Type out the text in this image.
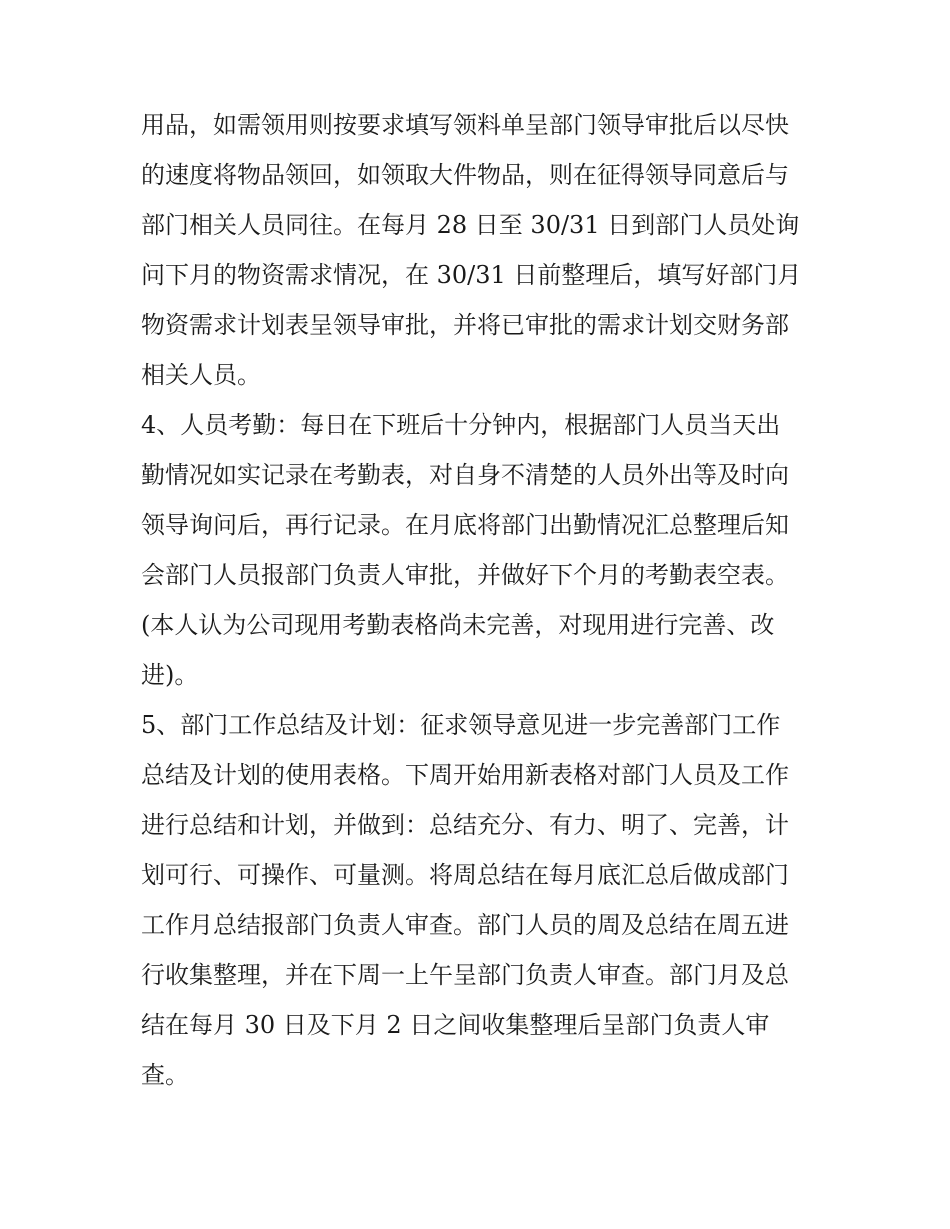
用品，如需领用则按要求填写领料单呈部门领导审批后以尽快
的速度将物品领回，如领取大件物品，则在征得领导同意后与
部门相关人员同往。在每月 28 日至 30/31 日到部门人员处询
问下月的物资需求情况，在 30/31 日前整理后，填写好部门月
物资需求计划表呈领导审批，并将已审批的需求计划交财务部
相关人员。
4、人员考勤：每日在下班后十分钟内，根据部门人员当天出
勤情况如实记录在考勤表，对自身不清楚的人员外出等及时向
领导询问后，再行记录。在月底将部门出勤情况汇总整理后知
会部门人员报部门负责人审批，并做好下个月的考勤表空表。
(本人认为公司现用考勤表格尚未完善，对现用进行完善、改
进)。
5、部门工作总结及计划：征求领导意见进一步完善部门工作
总结及计划的使用表格。下周开始用新表格对部门人员及工作
进行总结和计划，并做到：总结充分、有力、明了、完善，计
划可行、可操作、可量测。将周总结在每月底汇总后做成部门
工作月总结报部门负责人审查。部门人员的周及总结在周五进
行收集整理，并在下周一上午呈部门负责人审查。部门月及总
结在每月 30 日及下月 2 日之间收集整理后呈部门负责人审
查。
